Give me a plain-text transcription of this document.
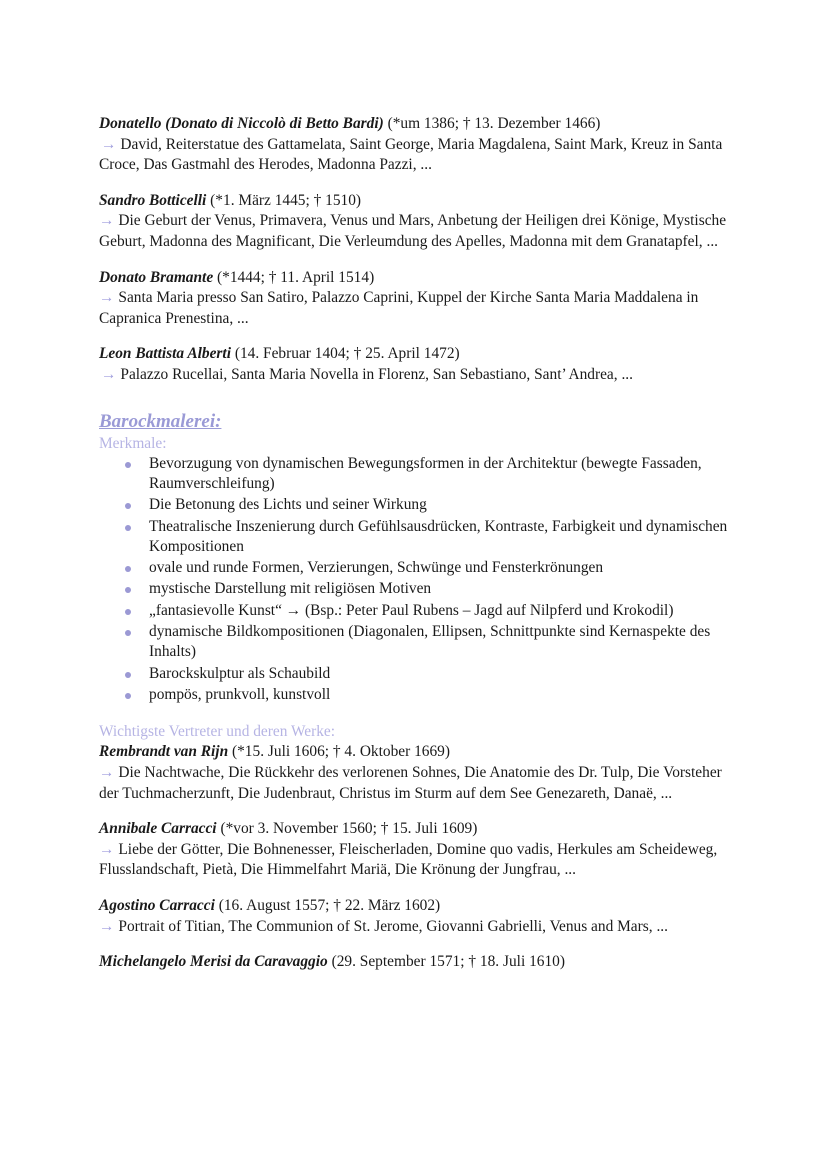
Donatello (Donato di Niccolò di Betto Bardi) (*um 1386; † 13. Dezember 1466)

→ David, Reiterstatue des Gattamelata, Saint George, Maria Magdalena, Saint Mark, Kreuz in Santa Croce, Das Gastmahl des Herodes, Madonna Pazzi, ...

Sandro Botticelli (*1. März 1445; † 1510)

→ Die Geburt der Venus, Primavera, Venus und Mars, Anbetung der Heiligen drei Könige, Mystische Geburt, Madonna des Magnificant, Die Verleumdung des Apelles, Madonna mit dem Granatapfel, ...

Donato Bramante (*1444; † 11. April 1514)

→ Santa Maria presso San Satiro, Palazzo Caprini, Kuppel der Kirche Santa Maria Maddalena in Capranica Prenestina, ...

Leon Battista Alberti (14. Februar 1404; † 25. April 1472)

→ Palazzo Rucellai, Santa Maria Novella in Florenz, San Sebastiano, Sant’ Andrea, ...

Barockmalerei:
Merkmale:
Bevorzugung von dynamischen Bewegungsformen in der Architektur (bewegte Fassaden, Raumverschleifung)
Die Betonung des Lichts und seiner Wirkung
Theatralische Inszenierung durch Gefühlsausdrücken, Kontraste, Farbigkeit und dynamischen Kompositionen
ovale und runde Formen, Verzierungen, Schwünge und Fensterkrönungen
mystische Darstellung mit religiösen Motiven
„fantasievolle Kunst“ → (Bsp.: Peter Paul Rubens – Jagd auf Nilpferd und Krokodil)
dynamische Bildkompositionen (Diagonalen, Ellipsen, Schnittpunkte sind Kernaspekte des Inhalts)
Barockskulptur als Schaubild
pompös, prunkvoll, kunstvoll
Wichtigste Vertreter und deren Werke:

Rembrandt van Rijn (*15. Juli 1606; † 4. Oktober 1669)

→ Die Nachtwache, Die Rückkehr des verlorenen Sohnes, Die Anatomie des Dr. Tulp, Die Vorsteher der Tuchmacherzunft, Die Judenbraut, Christus im Sturm auf dem See Genezareth, Danaë, ...

Annibale Carracci (*vor 3. November 1560; † 15. Juli 1609)

→ Liebe der Götter, Die Bohnenesser, Fleischerladen, Domine quo vadis, Herkules am Scheideweg, Flusslandschaft, Pietà, Die Himmelfahrt Mariä, Die Krönung der Jungfrau, ...

Agostino Carracci (16. August 1557; † 22. März 1602)

→ Portrait of Titian, The Communion of St. Jerome, Giovanni Gabrielli, Venus and Mars, ...

Michelangelo Merisi da Caravaggio (29. September 1571; † 18. Juli 1610)
